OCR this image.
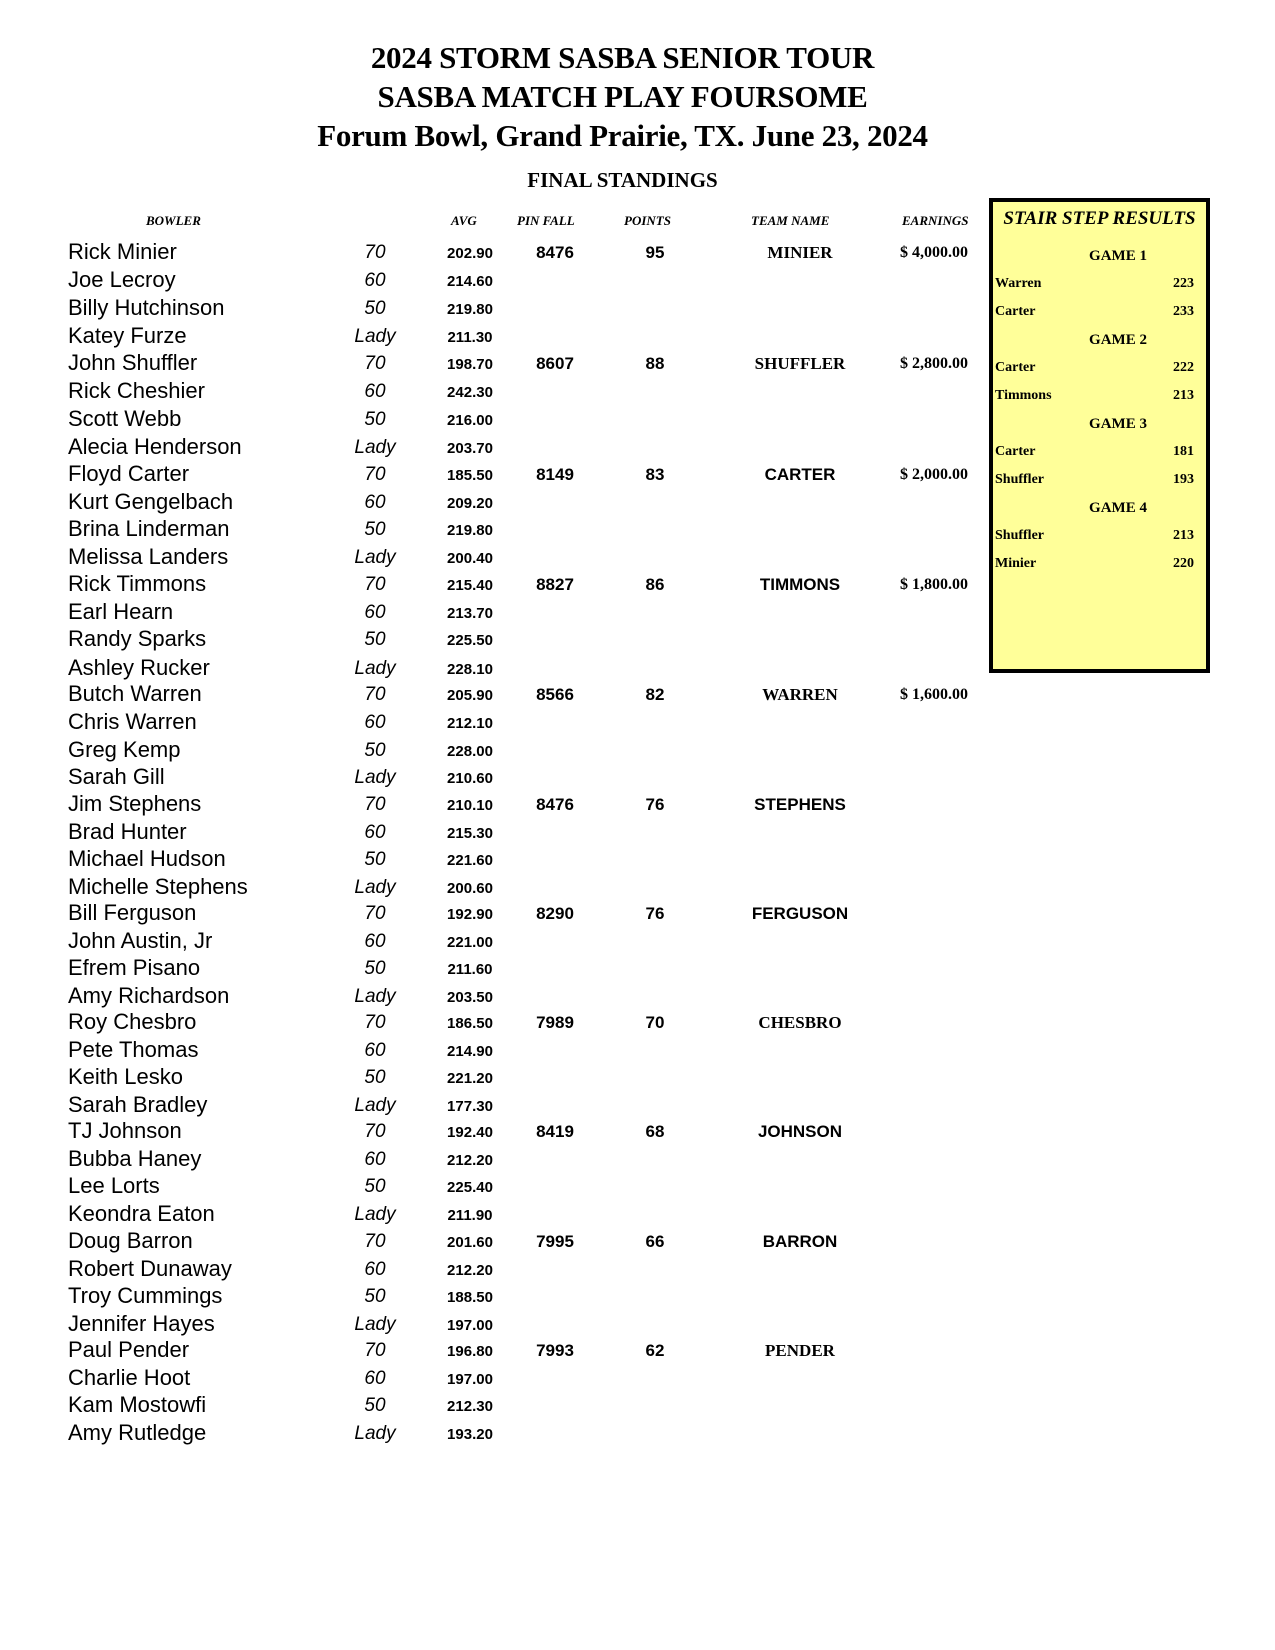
2024 STORM SASBA SENIOR TOUR
SASBA MATCH PLAY FOURSOME
Forum Bowl, Grand Prairie, TX. June 23, 2024
FINAL STANDINGS
BOWLER	AVG	PIN FALL	POINTS	TEAM NAME	EARNINGS
Rick Minier	70	202.90	8476	95	MINIER	$ 4,000.00
Joe Lecroy	60	214.60
Billy Hutchinson	50	219.80
Katey Furze	Lady	211.30
John Shuffler	70	198.70	8607	88	SHUFFLER	$ 2,800.00
Rick Cheshier	60	242.30
Scott Webb	50	216.00
Alecia Henderson	Lady	203.70
Floyd Carter	70	185.50	8149	83	CARTER	$ 2,000.00
Kurt Gengelbach	60	209.20
Brina Linderman	50	219.80
Melissa Landers	Lady	200.40
Rick Timmons	70	215.40	8827	86	TIMMONS	$ 1,800.00
Earl Hearn	60	213.70
Randy Sparks	50	225.50
Ashley Rucker	Lady	228.10
Butch Warren	70	205.90	8566	82	WARREN	$ 1,600.00
Chris Warren	60	212.10
Greg Kemp	50	228.00
Sarah Gill	Lady	210.60
Jim Stephens	70	210.10	8476	76	STEPHENS
Brad Hunter	60	215.30
Michael Hudson	50	221.60
Michelle Stephens	Lady	200.60
Bill Ferguson	70	192.90	8290	76	FERGUSON
John Austin, Jr	60	221.00
Efrem Pisano	50	211.60
Amy Richardson	Lady	203.50
Roy Chesbro	70	186.50	7989	70	CHESBRO
Pete Thomas	60	214.90
Keith Lesko	50	221.20
Sarah Bradley	Lady	177.30
TJ Johnson	70	192.40	8419	68	JOHNSON
Bubba Haney	60	212.20
Lee Lorts	50	225.40
Keondra Eaton	Lady	211.90
Doug Barron	70	201.60	7995	66	BARRON
Robert Dunaway	60	212.20
Troy Cummings	50	188.50
Jennifer Hayes	Lady	197.00
Paul Pender	70	196.80	7993	62	PENDER
Charlie Hoot	60	197.00
Kam Mostowfi	50	212.30
Amy Rutledge	Lady	193.20
STAIR STEP RESULTS
GAME 1
Warren	223
Carter	233
GAME 2
Carter	222
Timmons	213
GAME 3
Carter	181
Shuffler	193
GAME 4
Shuffler	213
Minier	220
